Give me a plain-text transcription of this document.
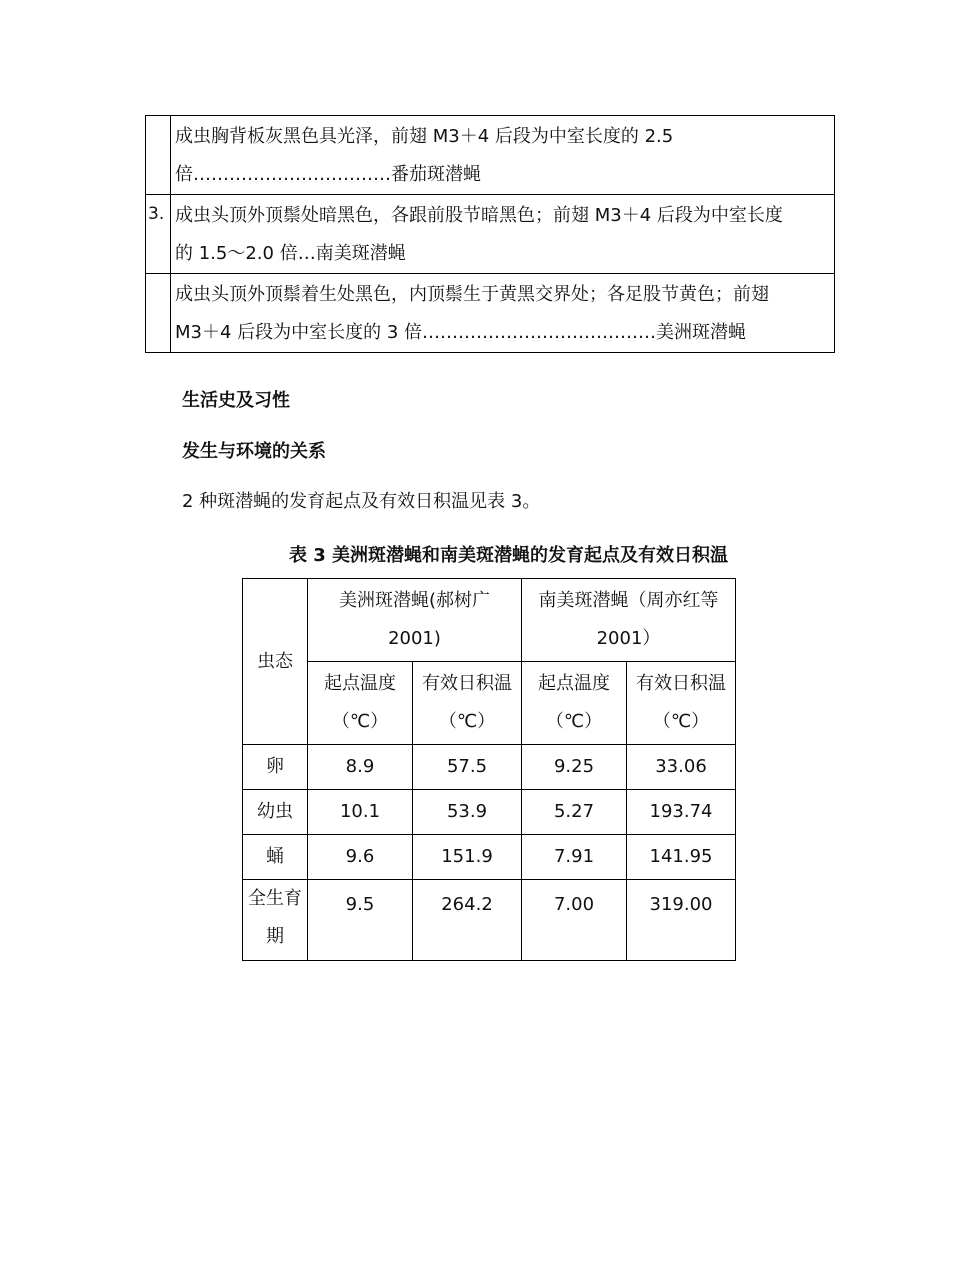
	成虫胸背板灰黑色具光泽，前翅 M3＋4 后段为中室长度的 2.5
倍……………………………番茄斑潜蝇

3.	成虫头顶外顶鬃处暗黑色，各跟前股节暗黑色；前翅 M3＋4 后段为中室长度
的 1.5～2.0 倍…南美斑潜蝇

	成虫头顶外顶鬃着生处黑色，内顶鬃生于黄黑交界处；各足股节黄色；前翅
M3＋4 后段为中室长度的 3 倍…………………………………美洲斑潜蝇
生活史及习性
发生与环境的关系
2 种斑潜蝇的发育起点及有效日积温见表 3。
表 3 美洲斑潜蝇和南美斑潜蝇的发育起点及有效日积温
虫态	美洲斑潜蝇(郝树广
2001)		南美斑潜蝇（周亦红等
2001）	

	起点温度
（℃）	有效日积温
（℃）	起点温度
（℃）	有效日积温
（℃）

卵	8.9	57.5	9.25	33.06
幼虫	10.1	53.9	5.27	193.74
蛹	9.6	151.9	7.91	141.95

全生育
期	9.5	264.2	7.00	319.00
